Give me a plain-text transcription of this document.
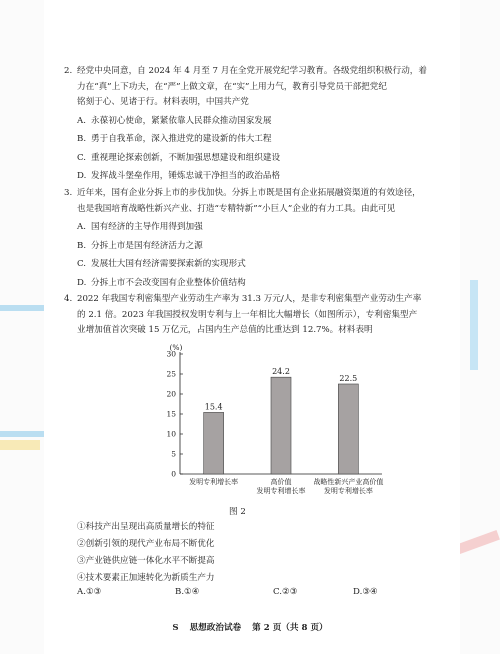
2. 经党中央同意，自 2024 年 4 月至 7 月在全党开展党纪学习教育。各级党组织积极行动，着
力在“真”上下功夫，在“严”上做文章，在“实”上用力气，教育引导党员干部把党纪
铭刻于心、见诸于行。材料表明，中国共产党
A. 永葆初心使命，紧紧依靠人民群众推动国家发展
B. 勇于自我革命，深入推进党的建设新的伟大工程
C. 重视理论探索创新，不断加强思想建设和组织建设
D. 发挥战斗堡垒作用，锤炼忠诚干净担当的政治品格
3. 近年来，国有企业分拆上市的步伐加快。分拆上市既是国有企业拓展融资渠道的有效途径，
也是我国培育战略性新兴产业、打造“专精特新”“小巨人”企业的有力工具。由此可见
A. 国有经济的主导作用得到加强
B. 分拆上市是国有经济活力之源
C. 发展壮大国有经济需要探索新的实现形式
D. 分拆上市不会改变国有企业整体价值结构
4. 2022 年我国专利密集型产业劳动生产率为 31.3 万元/人，是非专利密集型产业劳动生产率
的 2.1 倍。2023 年我国授权发明专利与上一年相比大幅增长（如图所示），专利密集型产
业增加值首次突破 15 万亿元，占国内生产总值的比重达到 12.7%。材料表明
(%)
0
5
10
15
20
25
30
15.4
发明专利增长率
24.2
高价值
发明专利增长率
22.5
战略性新兴产业高价值
发明专利增长率
图 2
①科技产出呈现出高质量增长的特征
②创新引领的现代产业布局不断优化
③产业链供应链一体化水平不断提高
④技术要素正加速转化为新质生产力
A.①③	B.①④	C.②③	D.③④
S 思想政治试卷 第 2 页（共 8 页）
